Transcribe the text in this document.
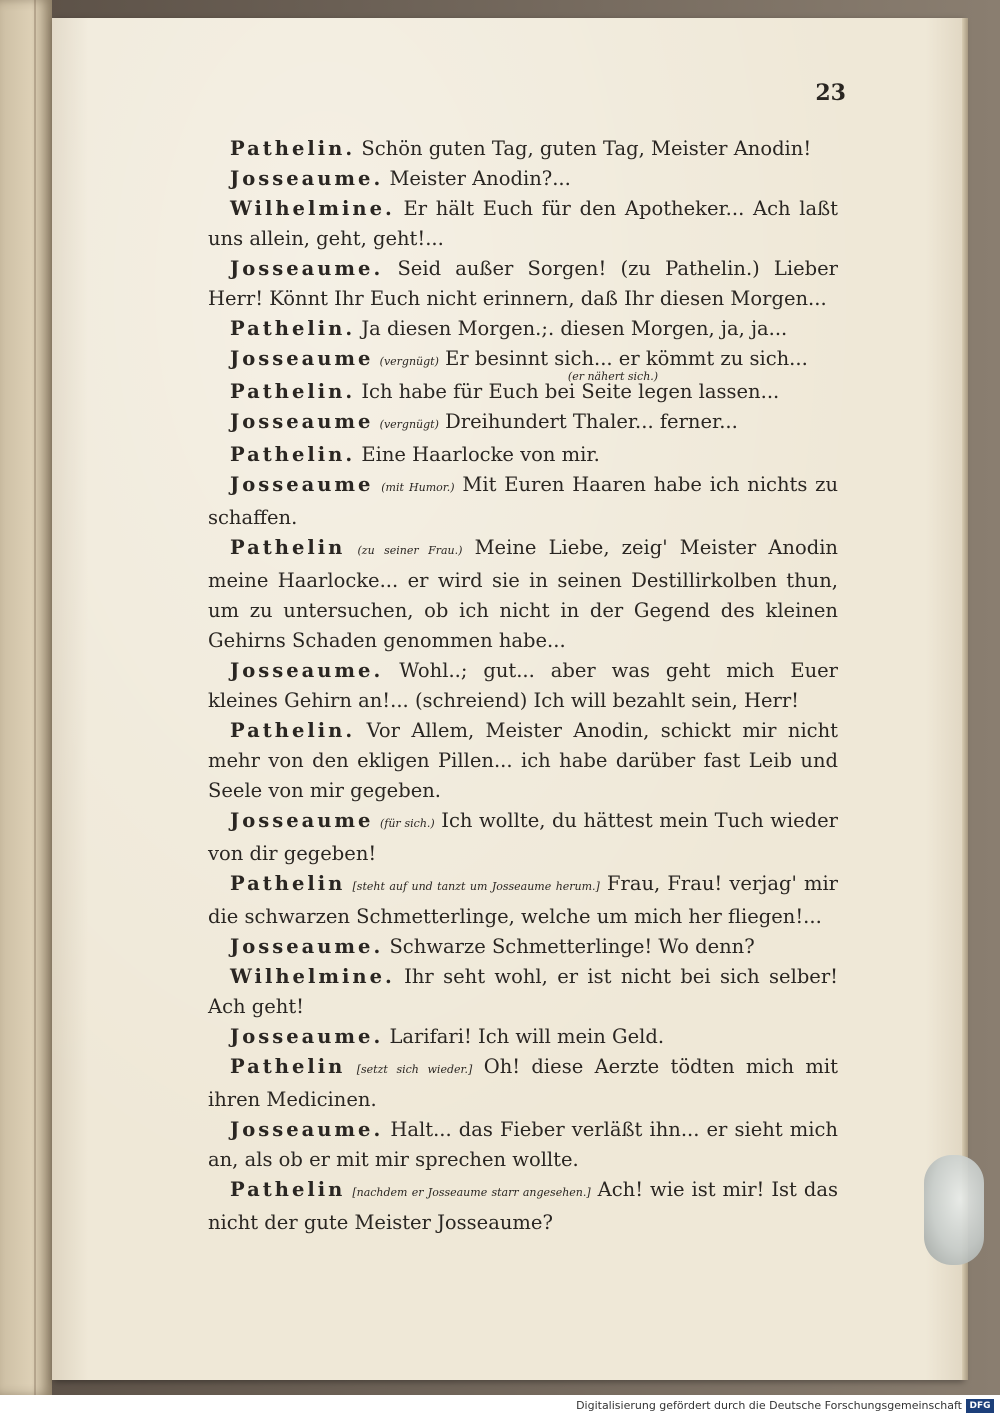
23

Pathelin. Schön guten Tag, guten Tag, Meister Anodin!

Josseaume. Meister Anodin?...

Wilhelmine. Er hält Euch für den Apotheker... Ach laßt uns allein, geht, geht!...

Josseaume. Seid außer Sorgen! (zu Pathelin.) Lieber Herr! Könnt Ihr Euch nicht erinnern, daß Ihr diesen Morgen...

Pathelin. Ja diesen Morgen.;. diesen Morgen, ja, ja...

Josseaume (vergnügt) Er besinnt sich... er kömmt zu sich...

(er nähert sich.)

Pathelin. Ich habe für Euch bei Seite legen lassen...

Josseaume (vergnügt) Dreihundert Thaler... ferner...

Pathelin. Eine Haarlocke von mir.

Josseaume (mit Humor.) Mit Euren Haaren habe ich nichts zu schaffen.

Pathelin (zu seiner Frau.) Meine Liebe, zeig' Meister Anodin meine Haarlocke... er wird sie in seinen Destillirkolben thun, um zu untersuchen, ob ich nicht in der Gegend des kleinen Gehirns Schaden genommen habe...

Josseaume. Wohl..; gut... aber was geht mich Euer kleines Gehirn an!... (schreiend) Ich will bezahlt sein, Herr!

Pathelin. Vor Allem, Meister Anodin, schickt mir nicht mehr von den ekligen Pillen... ich habe darüber fast Leib und Seele von mir gegeben.

Josseaume (für sich.) Ich wollte, du hättest mein Tuch wieder von dir gegeben!

Pathelin [steht auf und tanzt um Josseaume herum.] Frau, Frau! verjag' mir die schwarzen Schmetterlinge, welche um mich her fliegen!...

Josseaume. Schwarze Schmetterlinge! Wo denn?

Wilhelmine. Ihr seht wohl, er ist nicht bei sich selber! Ach geht!

Josseaume. Larifari! Ich will mein Geld.

Pathelin [setzt sich wieder.] Oh! diese Aerzte tödten mich mit ihren Medicinen.

Josseaume. Halt... das Fieber verläßt ihn... er sieht mich an, als ob er mit mir sprechen wollte.

Pathelin [nachdem er Josseaume starr angesehen.] Ach! wie ist mir! Ist das nicht der gute Meister Josseaume?

Digitalisierung gefördert durch die Deutsche Forschungsgemeinschaft DFG
